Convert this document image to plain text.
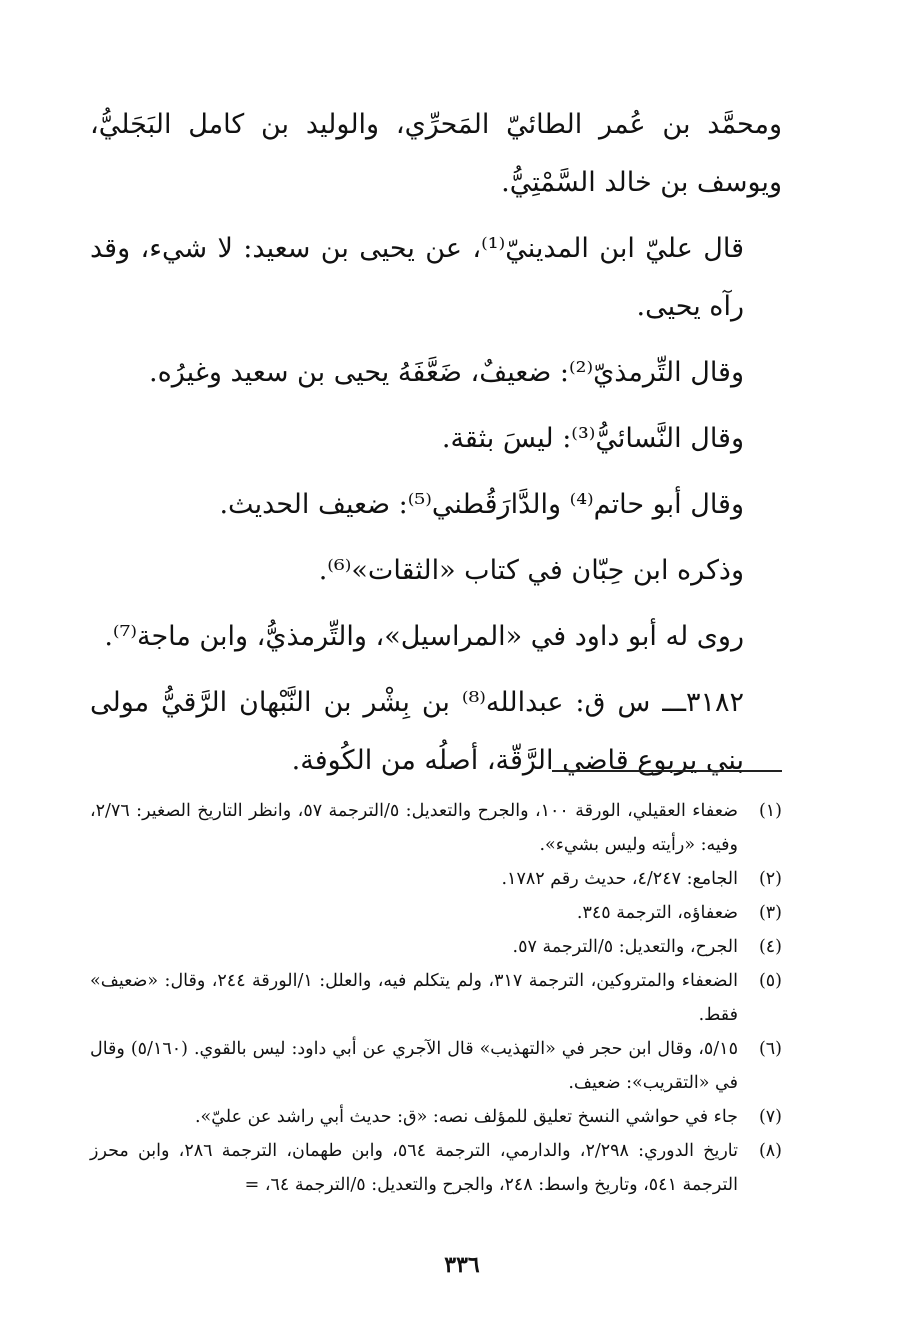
ومحمَّد بن عُمر الطائيّ المَحرِّي، والوليد بن كامل البَجَليُّ، ويوسف بن خالد السَّمْتِيُّ.

قال عليّ ابن المدينيّ⁽¹⁾، عن يحيى بن سعيد: لا شيء، وقد رآه يحيى.

وقال التِّرمذيّ⁽²⁾: ضعيفٌ، ضَعَّفَهُ يحيى بن سعيد وغيرُه.

وقال النَّسائيُّ⁽³⁾: ليسَ بثقة.

وقال أبو حاتم⁽⁴⁾ والدَّارَقُطني⁽⁵⁾: ضعيف الحديث.

وذكره ابن حِبّان في كتاب «الثقات»⁽⁶⁾.

روى له أبو داود في «المراسيل»، والتِّرمذيُّ، وابن ماجة⁽⁷⁾.

٣١٨٢ـــ س ق: عبدالله⁽⁸⁾ بن بِشْر بن النَّبْهان الرَّقيُّ مولى بني يربوع قاضي الرَّقّة، أصلُه من الكُوفة.

(١)
ضعفاء العقيلي، الورقة ١٠٠، والجرح والتعديل: ٥/الترجمة ٥٧، وانظر التاريخ الصغير: ٢/٧٦، وفيه: «رأيته وليس بشيء».
(٢)
الجامع: ٤/٢٤٧، حديث رقم ١٧٨٢.
(٣)
ضعفاؤه، الترجمة ٣٤٥.
(٤)
الجرح، والتعديل: ٥/الترجمة ٥٧.
(٥)
الضعفاء والمتروكين، الترجمة ٣١٧، ولم يتكلم فيه، والعلل: ١/الورقة ٢٤٤، وقال: «ضعيف» فقط.
(٦)
٥/١٥، وقال ابن حجر في «التهذيب» قال الآجري عن أبي داود: ليس بالقوي. (٥/١٦٠) وقال في «التقريب»: ضعيف.
(٧)
جاء في حواشي النسخ تعليق للمؤلف نصه: «ق: حديث أبي راشد عن عليّ».
(٨)
تاريخ الدوري: ٢/٢٩٨، والدارمي، الترجمة ٥٦٤، وابن طهمان، الترجمة ٢٨٦، وابن محرز الترجمة ٥٤١، وتاريخ واسط: ٢٤٨، والجرح والتعديل: ٥/الترجمة ٦٤، =
٣٣٦
